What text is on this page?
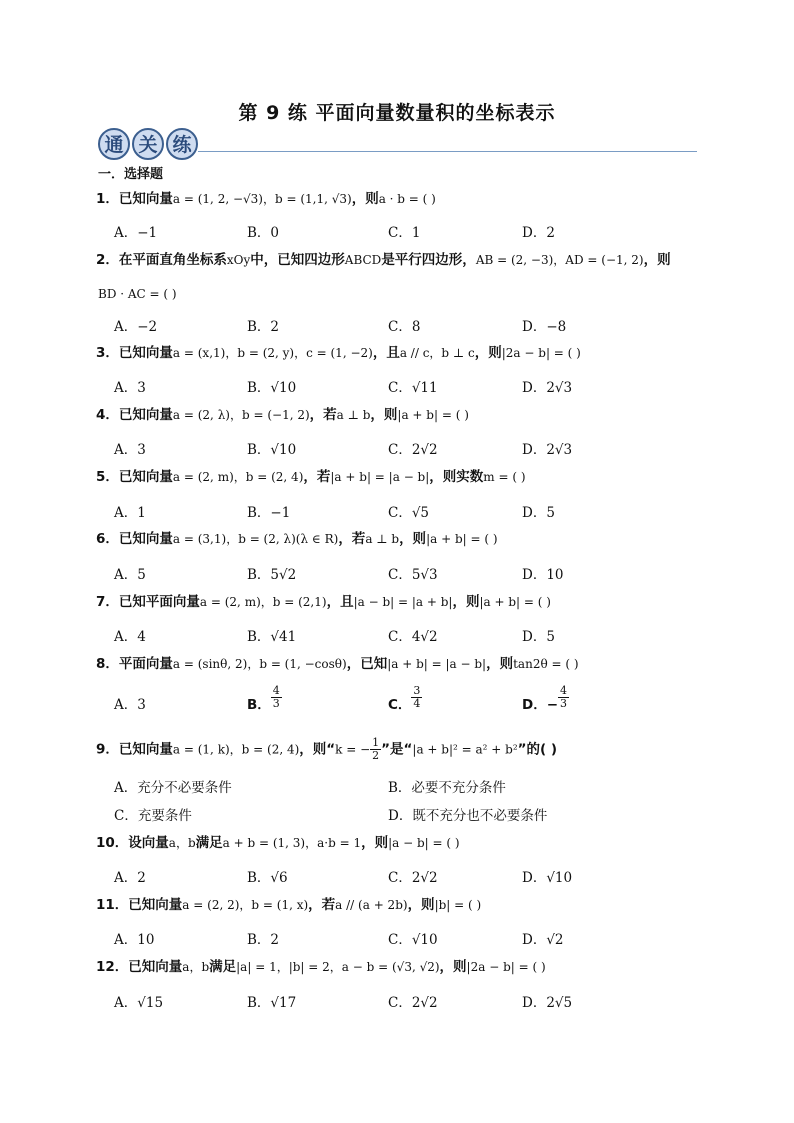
第 9 练 平面向量数量积的坐标表示
通 关 练
一．选择题
1．已知向量a = (1, 2, −√3)，b = (1,1, √3)，则a · b = ( )
A．−1	B．0	C．1	D．2
2．在平面直角坐标系xOy中，已知四边形ABCD是平行四边形，AB = (2, −3)，AD = (−1, 2)，则
BD · AC = ( )
A．−2	B．2	C．8	D．−8
3．已知向量a = (x,1)，b = (2, y)，c = (1, −2)，且a // c，b ⊥ c，则|2a − b| = ( )
A．3	B．√10	C．√11	D．2√3
4．已知向量a = (2, λ)，b = (−1, 2)，若a ⊥ b，则|a + b| = ( )
A．3	B．√10	C．2√2	D．2√3
5．已知向量a = (2, m)，b = (2, 4)，若|a + b| = |a − b|，则实数m = ( )
A．1	B．−1	C．√5	D．5
6．已知向量a = (3,1)，b = (2, λ)(λ ∈ R)，若a ⊥ b，则|a + b| = ( )
A．5	B．5√2	C．5√3	D．10
7．已知平面向量a = (2, m)，b = (2,1)，且|a − b| = |a + b|，则|a + b| = ( )
A．4	B．√41	C．4√2	D．5
8．平面向量a = (sinθ, 2)，b = (1, −cosθ)，已知|a + b| = |a − b|，则tan2θ = ( )
A．3	B． $\frac{4}{3}$	C． $\frac{3}{4}$	D．− $\frac{4}{3}$
9．已知向量a = (1, k)，b = (2, 4)，则“k = − $\frac{1}{2}$ ”是“|a + b|² = a² + b²”的( )
A．充分不必要条件	B．必要不充分条件
C．充要条件	D．既不充分也不必要条件
10．设向量a，b满足a + b = (1, 3)，a·b = 1，则|a − b| = ( )
A．2	B．√6	C．2√2	D．√10
11．已知向量a = (2, 2)，b = (1, x)，若a // (a + 2b)，则|b| = ( )
A．10	B．2	C．√10	D．√2
12．已知向量a，b满足|a| = 1，|b| = 2，a − b = (√3, √2)，则|2a − b| = ( )
A．√15	B．√17	C．2√2	D．2√5
